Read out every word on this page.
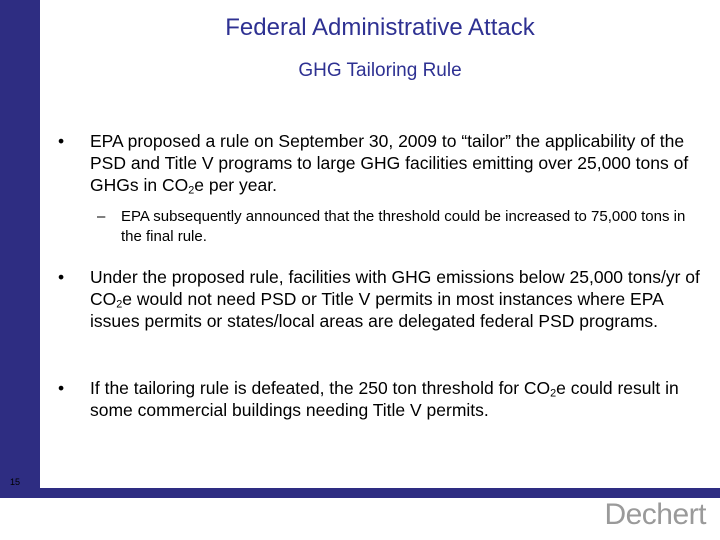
Federal Administrative Attack
GHG Tailoring Rule
• EPA proposed a rule on September 30, 2009 to “tailor” the applicability of the PSD and Title V programs to large GHG facilities emitting over 25,000 tons of GHGs in $CO_2e$ per year.
– EPA subsequently announced that the threshold could be increased to 75,000 tons in the final rule.
• Under the proposed rule, facilities with GHG emissions below 25,000 tons/yr of $CO_2e$ would not need PSD or Title V permits in most instances where EPA issues permits or states/local areas are delegated federal PSD programs.
• If the tailoring rule is defeated, the 250 ton threshold for $CO_2e$ could result in some commercial buildings needing Title V permits.
15
Dechert
